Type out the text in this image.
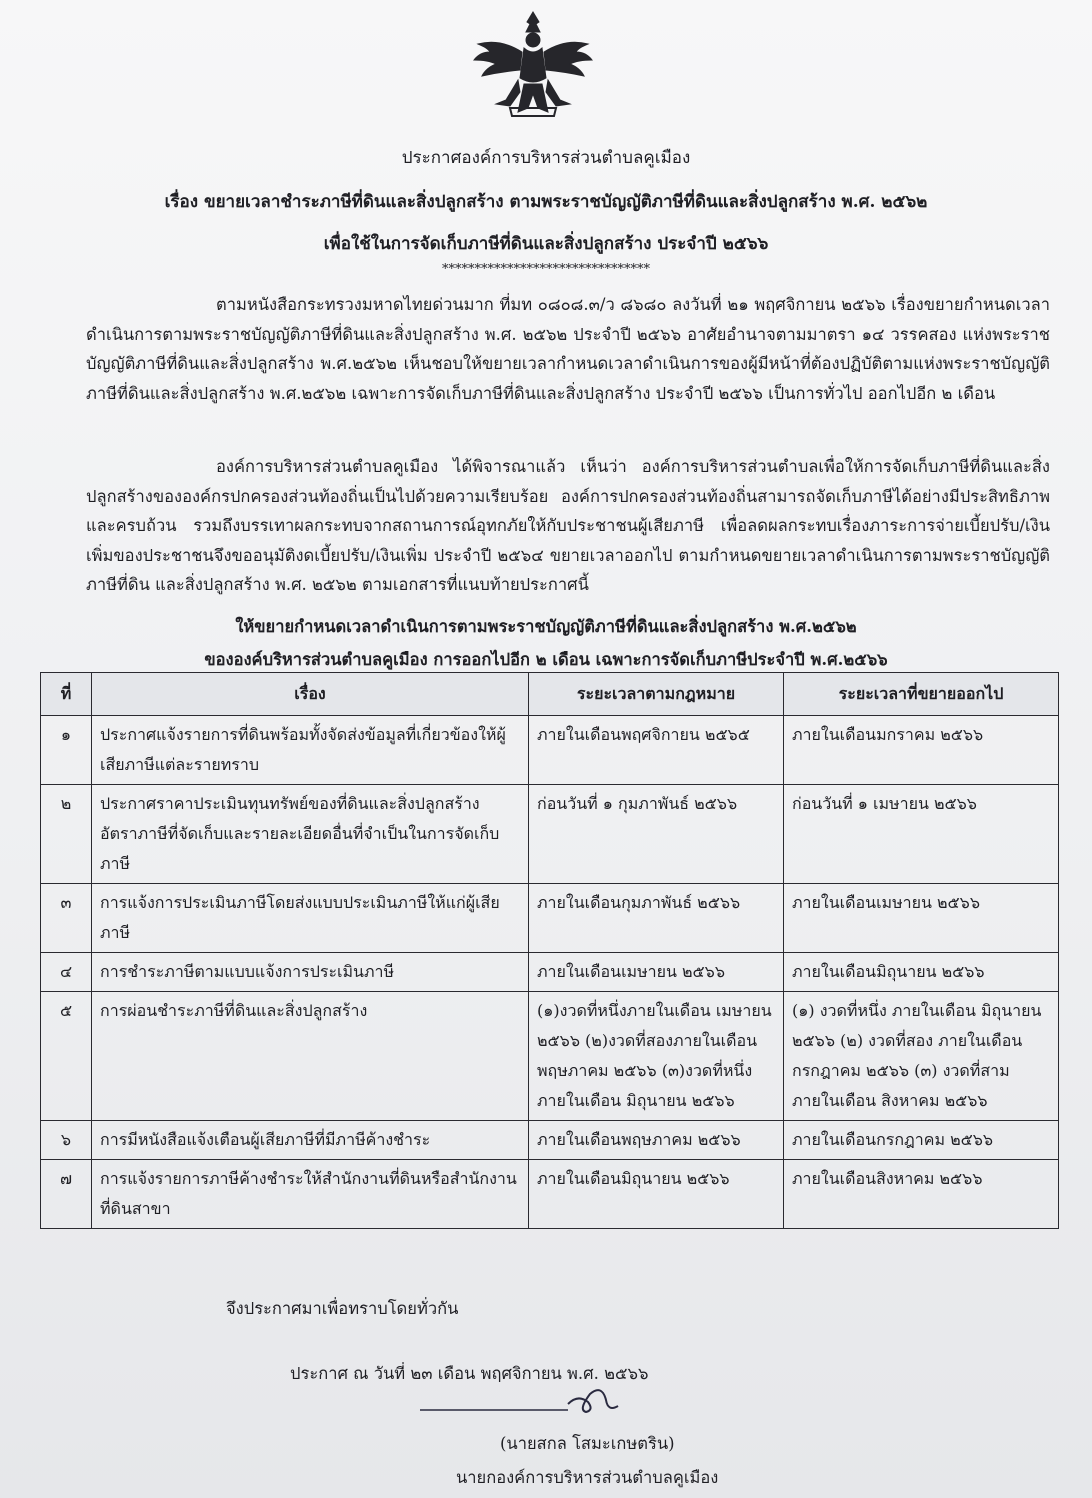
ประกาศองค์การบริหารส่วนตำบลคูเมือง
เรื่อง ขยายเวลาชำระภาษีที่ดินและสิ่งปลูกสร้าง ตามพระราชบัญญัติภาษีที่ดินและสิ่งปลูกสร้าง พ.ศ. ๒๕๖๒
เพื่อใช้ในการจัดเก็บภาษีที่ดินและสิ่งปลูกสร้าง ประจำปี ๒๕๖๖
********************************
ตามหนังสือกระทรวงมหาดไทยด่วนมาก ที่มท ๐๘๐๘.๓/ว ๘๖๘๐ ลงวันที่ ๒๑ พฤศจิกายน ๒๕๖๖ เรื่องขยายกำหนดเวลาดำเนินการตามพระราชบัญญัติภาษีที่ดินและสิ่งปลูกสร้าง พ.ศ. ๒๕๖๒ ประจำปี ๒๕๖๖ อาศัยอำนาจตามมาตรา ๑๔ วรรคสอง แห่งพระราชบัญญัติภาษีที่ดินและสิ่งปลูกสร้าง พ.ศ.๒๕๖๒ เห็นชอบให้ขยายเวลากำหนดเวลาดำเนินการของผู้มีหน้าที่ต้องปฏิบัติตามแห่งพระราชบัญญัติภาษีที่ดินและสิ่งปลูกสร้าง พ.ศ.๒๕๖๒ เฉพาะการจัดเก็บภาษีที่ดินและสิ่งปลูกสร้าง ประจำปี ๒๕๖๖ เป็นการทั่วไป ออกไปอีก ๒ เดือน
องค์การบริหารส่วนตำบลคูเมือง ได้พิจารณาแล้ว เห็นว่า องค์การบริหารส่วนตำบลเพื่อให้การจัดเก็บภาษีที่ดินและสิ่งปลูกสร้างขององค์กรปกครองส่วนท้องถิ่นเป็นไปด้วยความเรียบร้อย องค์การปกครองส่วนท้องถิ่นสามารถจัดเก็บภาษีได้อย่างมีประสิทธิภาพและครบถ้วน รวมถึงบรรเทาผลกระทบจากสถานการณ์อุทกภัยให้กับประชาชนผู้เสียภาษี เพื่อลดผลกระทบเรื่องภาระการจ่ายเบี้ยปรับ/เงินเพิ่มของประชาชนจึงขออนุมัติงดเบี้ยปรับ/เงินเพิ่ม ประจำปี ๒๕๖๔ ขยายเวลาออกไป ตามกำหนดขยายเวลาดำเนินการตามพระราชบัญญัติภาษีที่ดิน และสิ่งปลูกสร้าง พ.ศ. ๒๕๖๒ ตามเอกสารที่แนบท้ายประกาศนี้
ให้ขยายกำหนดเวลาดำเนินการตามพระราชบัญญัติภาษีที่ดินและสิ่งปลูกสร้าง พ.ศ.๒๕๖๒
ขององค์บริหารส่วนตำบลคูเมือง การออกไปอีก ๒ เดือน เฉพาะการจัดเก็บภาษีประจำปี พ.ศ.๒๕๖๖
ที่	เรื่อง	ระยะเวลาตามกฎหมาย	ระยะเวลาที่ขยายออกไป
๑	ประกาศแจ้งรายการที่ดินพร้อมทั้งจัดส่งข้อมูลที่เกี่ยวข้องให้ผู้เสียภาษีแต่ละรายทราบ	ภายในเดือนพฤศจิกายน ๒๕๖๕	ภายในเดือนมกราคม ๒๕๖๖
๒	ประกาศราคาประเมินทุนทรัพย์ของที่ดินและสิ่งปลูกสร้าง อัตราภาษีที่จัดเก็บและรายละเอียดอื่นที่จำเป็นในการจัดเก็บภาษี	ก่อนวันที่ ๑ กุมภาพันธ์ ๒๕๖๖	ก่อนวันที่ ๑ เมษายน ๒๕๖๖
๓	การแจ้งการประเมินภาษีโดยส่งแบบประเมินภาษีให้แก่ผู้เสียภาษี	ภายในเดือนกุมภาพันธ์ ๒๕๖๖	ภายในเดือนเมษายน ๒๕๖๖
๔	การชำระภาษีตามแบบแจ้งการประเมินภาษี	ภายในเดือนเมษายน ๒๕๖๖	ภายในเดือนมิถุนายน ๒๕๖๖
๕	การผ่อนชำระภาษีที่ดินและสิ่งปลูกสร้าง	(๑)งวดที่หนึ่งภายในเดือน เมษายน ๒๕๖๖ (๒)งวดที่สองภายในเดือน พฤษภาคม ๒๕๖๖ (๓)งวดที่หนึ่งภายในเดือน มิถุนายน ๒๕๖๖	(๑) งวดที่หนึ่ง ภายในเดือน มิถุนายน ๒๕๖๖ (๒) งวดที่สอง ภายในเดือน กรกฎาคม ๒๕๖๖ (๓) งวดที่สาม ภายในเดือน สิงหาคม ๒๕๖๖
๖	การมีหนังสือแจ้งเตือนผู้เสียภาษีที่มีภาษีค้างชำระ	ภายในเดือนพฤษภาคม ๒๕๖๖	ภายในเดือนกรกฎาคม ๒๕๖๖
๗	การแจ้งรายการภาษีค้างชำระให้สำนักงานที่ดินหรือสำนักงานที่ดินสาขา	ภายในเดือนมิถุนายน ๒๕๖๖	ภายในเดือนสิงหาคม ๒๕๖๖
จึงประกาศมาเพื่อทราบโดยทั่วกัน
ประกาศ ณ วันที่ ๒๓ เดือน พฤศจิกายน พ.ศ. ๒๕๖๖
(นายสกล โสมะเกษตริน)
นายกองค์การบริหารส่วนตำบลคูเมือง
